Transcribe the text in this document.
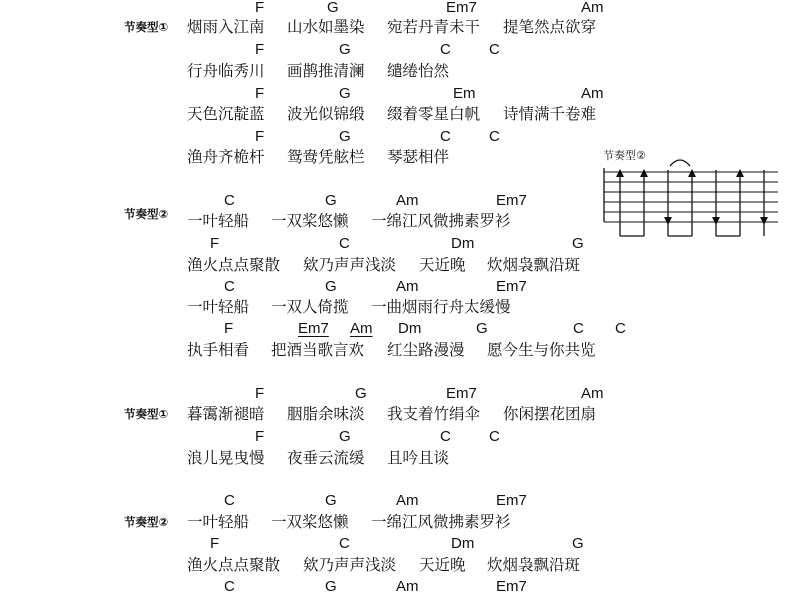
节奏型①
F	G	Em7	Am
烟雨入江南 山水如墨染 宛若丹青未干 提笔然点欲穿
F	G	C	C
行舟临秀川 画鹊推清澜 缱绻怡然
F	G	Em	Am
天色沉靛蓝 波光似锦缎 缀着零星白帆 诗情满千卷难
F	G	C	C
渔舟齐桅杆 鸳鸯凭舷栏 琴瑟相伴
节奏型②
C	G	Am	Em7
一叶轻船 一双桨悠懒 一绵江风微拂素罗衫
F	C	Dm	G
渔火点点聚散 欸乃声声浅淡 天近晚 炊烟袅飘沿斑
C	G	Am	Em7
一叶轻船 一双人倚揽 一曲烟雨行舟太缓慢
F	Em7 Am Dm	G	C C
执手相看 把酒当歌言欢 红尘路漫漫 愿今生与你共览
节奏型①
F	G	Em7	Am
暮霭渐褪暗 胭脂余味淡 我支着竹绢伞 你闲摆花团扇
F	G	C	C
浪儿晃曳慢 夜垂云流缓 且吟且谈
节奏型②
C	G	Am	Em7
一叶轻船 一双桨悠懒 一绵江风微拂素罗衫
F	C	Dm	G
渔火点点聚散 欸乃声声浅淡 天近晚 炊烟袅飘沿斑
C	G	Am	Em7
节奏型②
